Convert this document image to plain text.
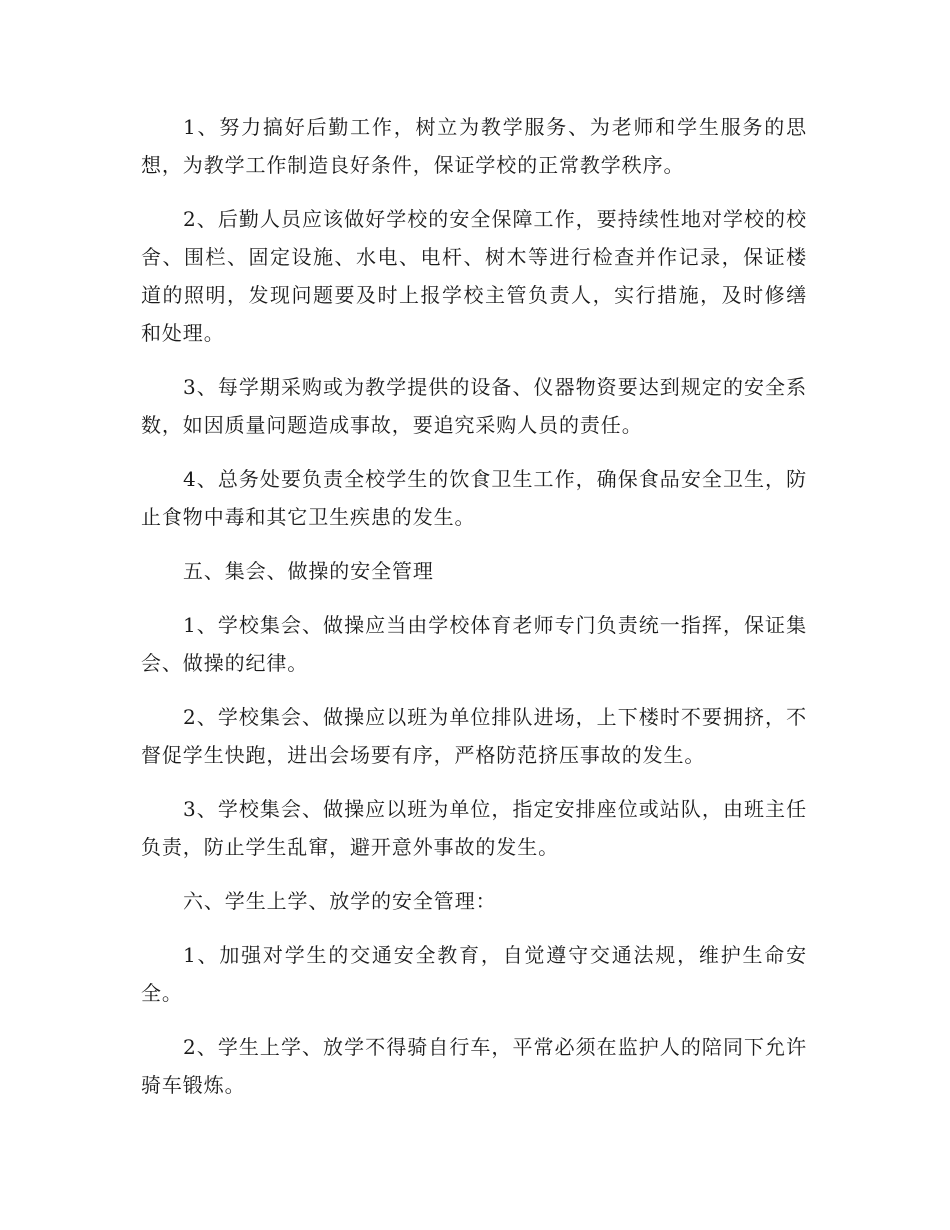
1、努力搞好后勤工作，树立为教学服务、为老师和学生服务的思想，为教学工作制造良好条件，保证学校的正常教学秩序。

2、后勤人员应该做好学校的安全保障工作，要持续性地对学校的校舍、围栏、固定设施、水电、电杆、树木等进行检查并作记录，保证楼道的照明，发现问题要及时上报学校主管负责人，实行措施，及时修缮和处理。

3、每学期采购或为教学提供的设备、仪器物资要达到规定的安全系数，如因质量问题造成事故，要追究采购人员的责任。

4、总务处要负责全校学生的饮食卫生工作，确保食品安全卫生，防止食物中毒和其它卫生疾患的发生。

五、集会、做操的安全管理

1、学校集会、做操应当由学校体育老师专门负责统一指挥，保证集会、做操的纪律。

2、学校集会、做操应以班为单位排队进场，上下楼时不要拥挤，不督促学生快跑，进出会场要有序，严格防范挤压事故的发生。

3、学校集会、做操应以班为单位，指定安排座位或站队，由班主任负责，防止学生乱窜，避开意外事故的发生。

六、学生上学、放学的安全管理：

1、加强对学生的交通安全教育，自觉遵守交通法规，维护生命安全。

2、学生上学、放学不得骑自行车，平常必须在监护人的陪同下允许骑车锻炼。
